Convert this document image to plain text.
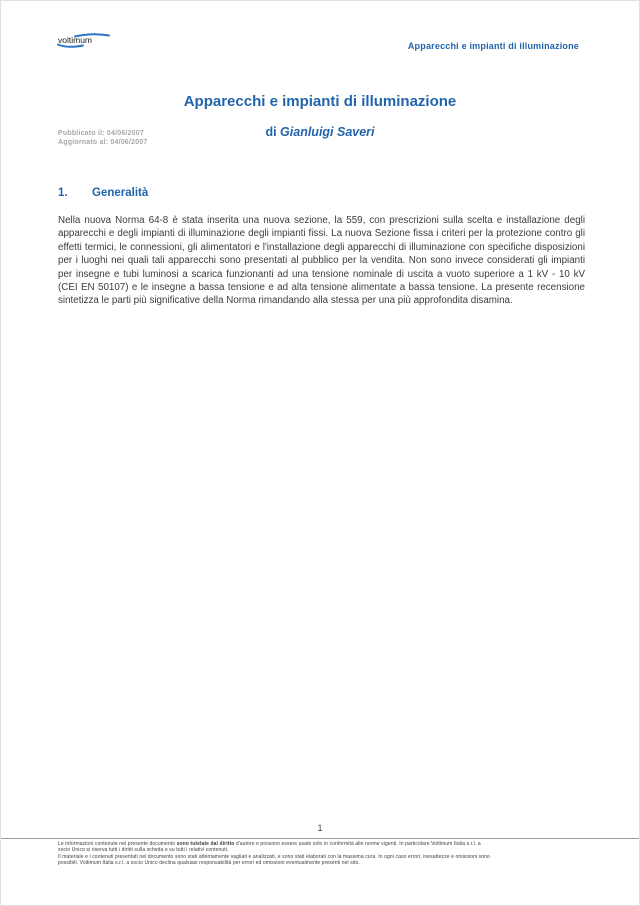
voltimum
Apparecchi e impianti di illuminazione
Apparecchi e impianti di illuminazione
Pubblicato il: 04/06/2007
Aggiornato al: 04/06/2007
di Gianluigi Saveri
1. Generalità
Nella nuova Norma 64-8 è stata inserita una nuova sezione, la 559, con prescrizioni sulla scelta e installazione degli apparecchi e degli impianti di illuminazione degli impianti fissi. La nuova Sezione fissa i criteri per la protezione contro gli effetti termici, le connessioni, gli alimentatori e l'installazione degli apparecchi di illuminazione con specifiche disposizioni per i luoghi nei quali tali apparecchi sono presentati al pubblico per la vendita. Non sono invece considerati gli impianti per insegne e tubi luminosi a scarica funzionanti ad una tensione nominale di uscita a vuoto superiore a 1 kV - 10 kV (CEI EN 50107) e le insegne a bassa tensione e ad alta tensione alimentate a bassa tensione. La presente recensione sintetizza le parti più significative della Norma rimandando alla stessa per una più approfondita disamina.
1
Le informazioni contenute nel presente documento sono tutelate dal diritto d'autore e possono essere usate solo in conformità alle norme vigenti. In particolare Voltimum Italia s.r.l. a
socio Unico si riserva tutti i diritti sulla scheda e su tutti i relativi contenuti.
Il materiale e i contenuti presentati nel documento sono stati attentamente vagliati e analizzati, e sono stati elaborati con la massima cura. In ogni caso errori, inesattezze e omissioni sono
possibili. Voltimum Italia s.r.l. a socio Unico declina qualsiasi responsabilità per errori ed omissioni eventualmente presenti nel sito.
